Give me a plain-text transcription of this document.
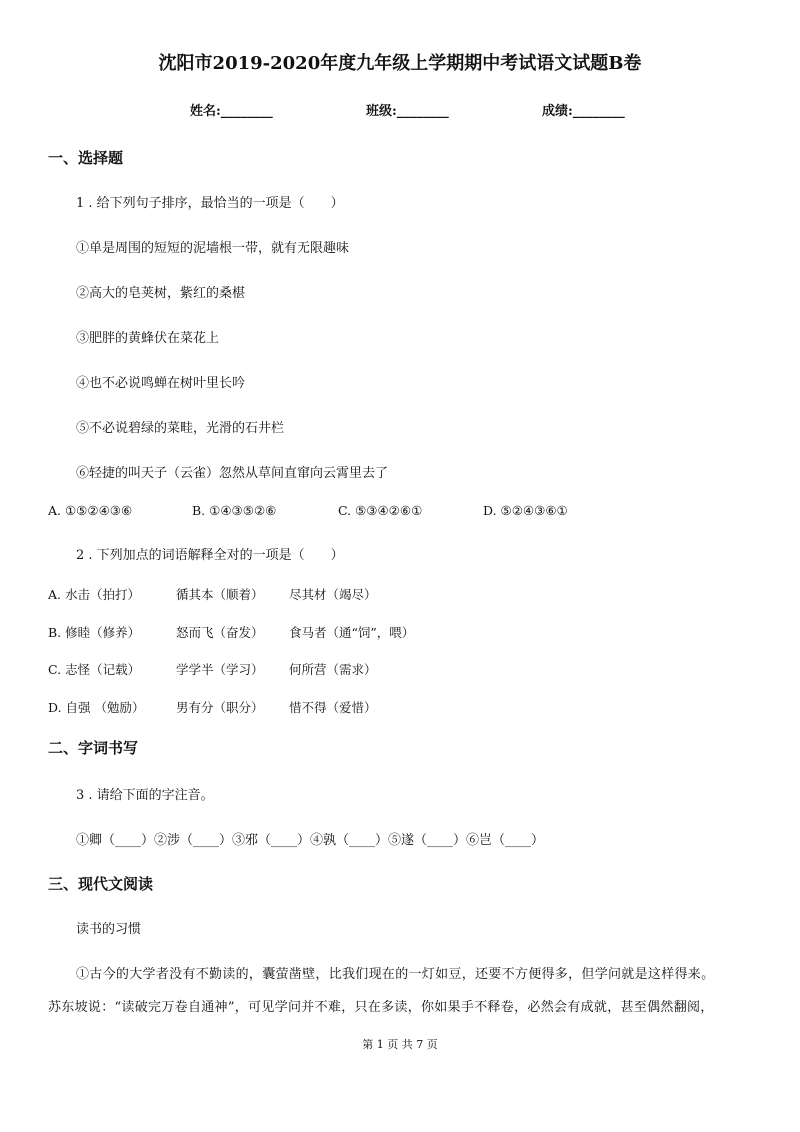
沈阳市2019-2020年度九年级上学期期中考试语文试题B卷
姓名:________	班级:________	成绩:________
一、选择题
1 . 给下列句子排序，最恰当的一项是（　　）
①单是周围的短短的泥墙根一带，就有无限趣味
②高大的皂荚树，紫红的桑椹
③肥胖的黄蜂伏在菜花上
④也不必说鸣蝉在树叶里长吟
⑤不必说碧绿的菜畦，光滑的石井栏
⑥轻捷的叫天子（云雀）忽然从草间直窜向云霄里去了
A. ①⑤②④③⑥	B. ①④③⑤②⑥	C. ⑤③④②⑥①	D. ⑤②④③⑥①
2 . 下列加点的词语解释全对的一项是（　　）
A. 水击（拍打）	循其本（顺着） 尽其材（竭尽）
B. 修睦（修养）	怒而飞（奋发） 食马者（通“饲”，喂）
C. 志怪（记载）	学学半（学习） 何所营（需求）
D. 自强 （勉励）	男有分（职分） 惜不得（爱惜）
二、字词书写
3 . 请给下面的字注音。
①卿（____）②涉（____）③邪（____）④孰（____）⑤遂（____）⑥岂（____）
三、现代文阅读
读书的习惯
①古今的大学者没有不勤读的，囊萤凿壁，比我们现在的一灯如豆，还要不方便得多，但学问就是这样得来。
苏东坡说：“读破完万卷自通神”，可见学问并不难，只在多读，你如果手不释卷，必然会有成就，甚至偶然翻阅，
第 1 页 共 7 页
